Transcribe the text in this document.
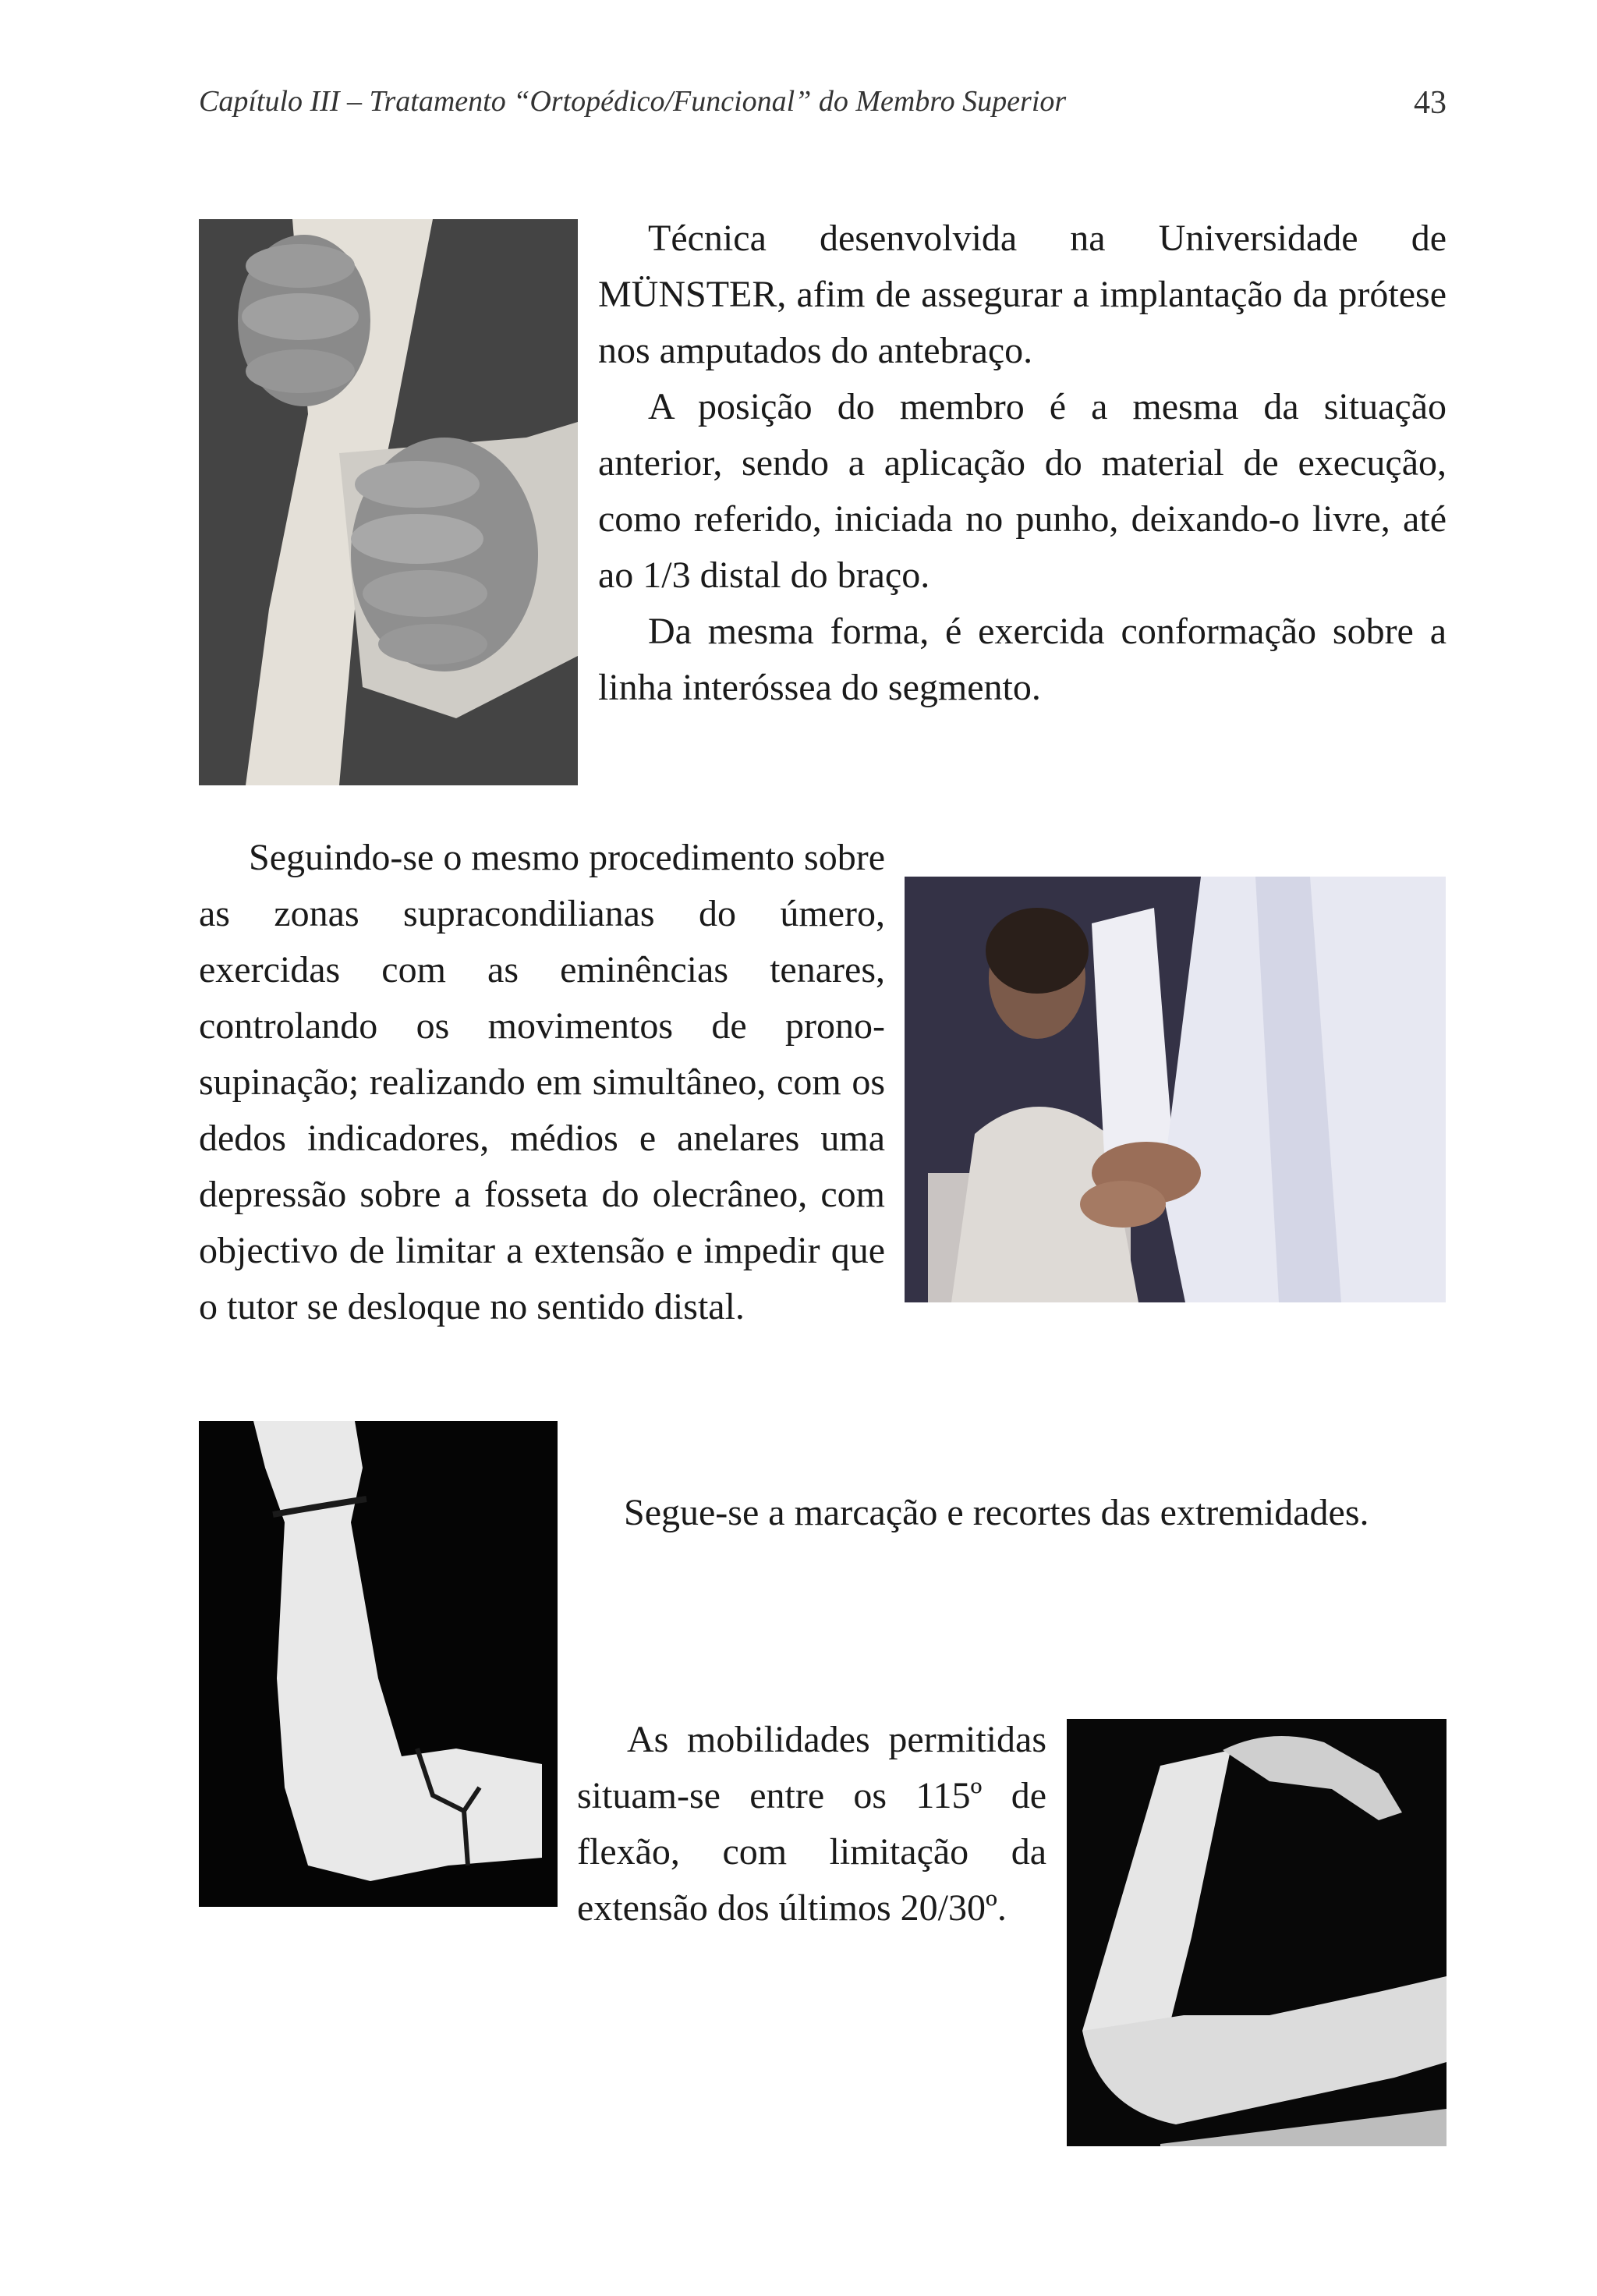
Capítulo III – Tratamento “Ortopédico/Funcional” do Membro Superior	43

Técnica desenvolvida na Universidade de MÜNSTER, afim de assegurar a implantação da prótese nos amputados do antebraço.

A posição do membro é a mesma da situação anterior, sendo a aplicação do material de execução, como referido, iniciada no punho, deixando-o livre, até ao 1/3 distal do braço.

Da mesma forma, é exercida conformação sobre a linha interóssea do segmento.

Seguindo-se o mesmo procedimento sobre as zonas supracondilianas do úmero, exercidas com as eminências tenares, controlando os movimentos de prono-supinação; realizando em simultâneo, com os dedos indicadores, médios e anelares uma depressão sobre a fosseta do olecrâneo, com objectivo de limitar a extensão e impedir que o tutor se desloque no sentido distal.

Segue-se a marcação e recortes das extremidades.

As mobilidades permitidas situam-se entre os 115º de flexão, com limitação da extensão dos últimos 20/30º.
